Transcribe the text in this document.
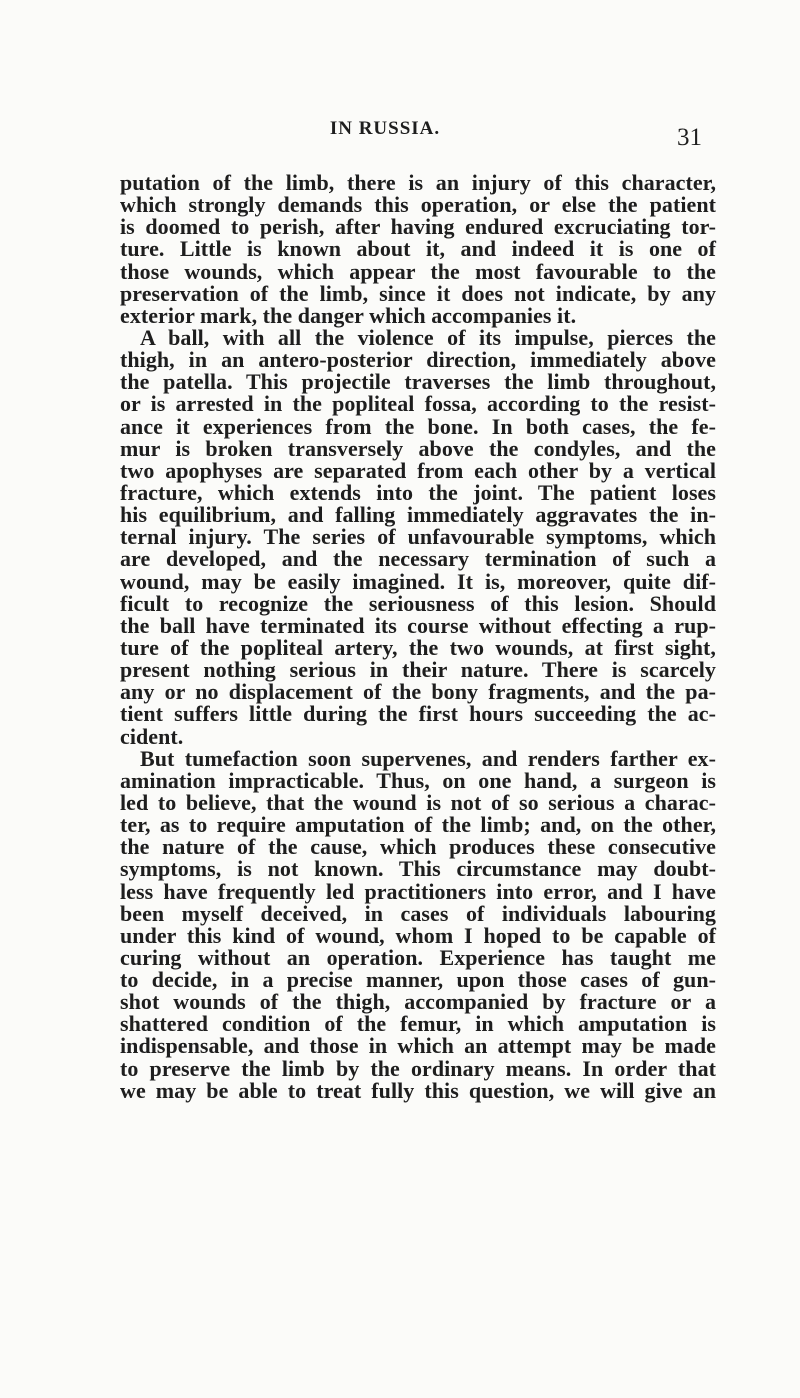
IN RUSSIA.	31
putation of the limb, there is an injury of this character,
which strongly demands this operation, or else the patient
is doomed to perish, after having endured excruciating tor-
ture. Little is known about it, and indeed it is one of
those wounds, which appear the most favourable to the
preservation of the limb, since it does not indicate, by any
exterior mark, the danger which accompanies it.
A ball, with all the violence of its impulse, pierces the
thigh, in an antero-posterior direction, immediately above
the patella. This projectile traverses the limb throughout,
or is arrested in the popliteal fossa, according to the resist-
ance it experiences from the bone. In both cases, the fe-
mur is broken transversely above the condyles, and the
two apophyses are separated from each other by a vertical
fracture, which extends into the joint. The patient loses
his equilibrium, and falling immediately aggravates the in-
ternal injury. The series of unfavourable symptoms, which
are developed, and the necessary termination of such a
wound, may be easily imagined. It is, moreover, quite dif-
ficult to recognize the seriousness of this lesion. Should
the ball have terminated its course without effecting a rup-
ture of the popliteal artery, the two wounds, at first sight,
present nothing serious in their nature. There is scarcely
any or no displacement of the bony fragments, and the pa-
tient suffers little during the first hours succeeding the ac-
cident.
But tumefaction soon supervenes, and renders farther ex-
amination impracticable. Thus, on one hand, a surgeon is
led to believe, that the wound is not of so serious a charac-
ter, as to require amputation of the limb; and, on the other,
the nature of the cause, which produces these consecutive
symptoms, is not known. This circumstance may doubt-
less have frequently led practitioners into error, and I have
been myself deceived, in cases of individuals labouring
under this kind of wound, whom I hoped to be capable of
curing without an operation. Experience has taught me
to decide, in a precise manner, upon those cases of gun-
shot wounds of the thigh, accompanied by fracture or a
shattered condition of the femur, in which amputation is
indispensable, and those in which an attempt may be made
to preserve the limb by the ordinary means. In order that
we may be able to treat fully this question, we will give an
